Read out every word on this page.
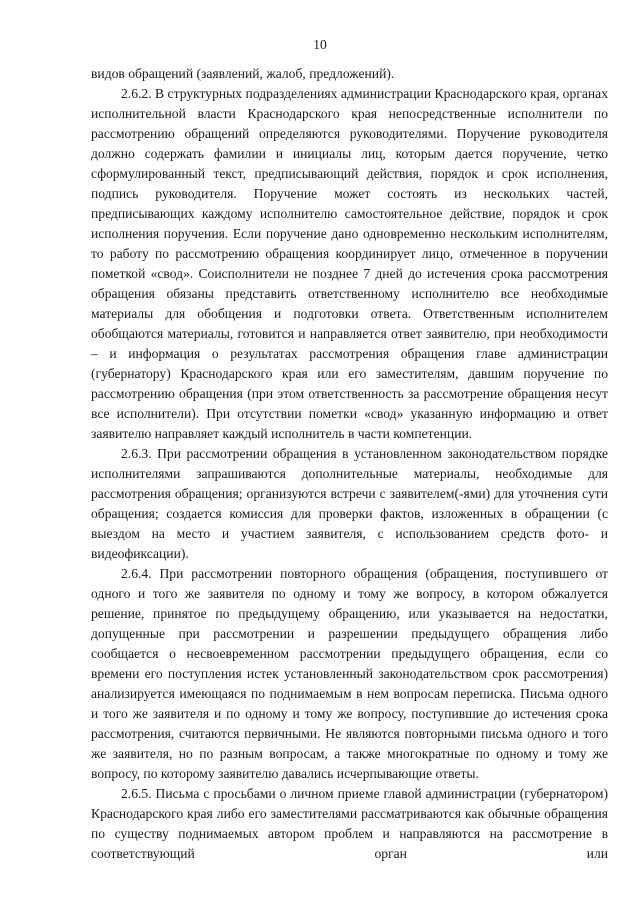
10

видов обращений (заявлений, жалоб, предложений).

2.6.2. В структурных подразделениях администрации Краснодарского края, органах исполнительной власти Краснодарского края непосредственные исполнители по рассмотрению обращений определяются руководителями. Поручение руководителя должно содержать фамилии и инициалы лиц, которым дается поручение, четко сформулированный текст, предписывающий действия, порядок и срок исполнения, подпись руководителя. Поручение может состоять из нескольких частей, предписывающих каждому исполнителю самостоятельное действие, порядок и срок исполнения поручения. Если поручение дано одновременно нескольким исполнителям, то работу по рассмотрению обращения координирует лицо, отмеченное в поручении пометкой «свод». Соисполнители не позднее 7 дней до истечения срока рассмотрения обращения обязаны представить ответственному исполнителю все необходимые материалы для обобщения и подготовки ответа. Ответственным исполнителем обобщаются материалы, готовится и направляется ответ заявителю, при необходимости – и информация о результатах рассмотрения обращения главе администрации (губернатору) Краснодарского края или его заместителям, давшим поручение по рассмотрению обращения (при этом ответственность за рассмотрение обращения несут все исполнители). При отсутствии пометки «свод» указанную информацию и ответ заявителю направляет каждый исполнитель в части компетенции.

2.6.3. При рассмотрении обращения в установленном законодательством порядке исполнителями запрашиваются дополнительные материалы, необходимые для рассмотрения обращения; организуются встречи с заявителем(-ями) для уточнения сути обращения; создается комиссия для проверки фактов, изложенных в обращении (с выездом на место и участием заявителя, с использованием средств фото- и видеофиксации).

2.6.4. При рассмотрении повторного обращения (обращения, поступившего от одного и того же заявителя по одному и тому же вопросу, в котором обжалуется решение, принятое по предыдущему обращению, или указывается на недостатки, допущенные при рассмотрении и разрешении предыдущего обращения либо сообщается о несвоевременном рассмотрении предыдущего обращения, если со времени его поступления истек установленный законодательством срок рассмотрения) анализируется имеющаяся по поднимаемым в нем вопросам переписка. Письма одного и того же заявителя и по одному и тому же вопросу, поступившие до истечения срока рассмотрения, считаются первичными. Не являются повторными письма одного и того же заявителя, но по разным вопросам, а также многократные по одному и тому же вопросу, по которому заявителю давались исчерпывающие ответы.

2.6.5. Письма с просьбами о личном приеме главой администрации (губернатором) Краснодарского края либо его заместителями рассматриваются как обычные обращения по существу поднимаемых автором проблем и направляются на рассмотрение в соответствующий орган или
